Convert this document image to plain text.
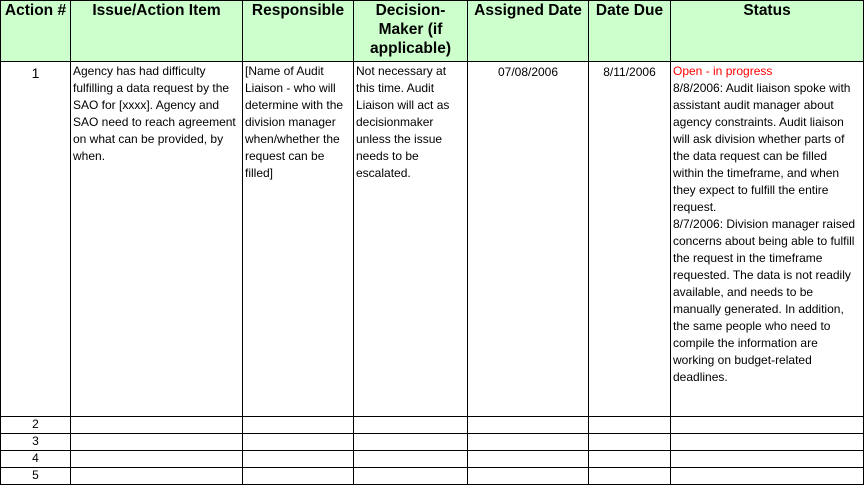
Action #	Issue/Action Item	Responsible	Decision-Maker (if applicable)	Assigned Date	Date Due	Status
1	Agency has had difficulty fulfilling a data request by the SAO for [xxxx]. Agency and SAO need to reach agreement on what can be provided, by when.	[Name of Audit Liaison - who will determine with the division manager when/whether the request can be filled]	Not necessary at this time. Audit Liaison will act as decisionmaker unless the issue needs to be escalated.	07/08/2006	8/11/2006	Open - in progress
8/8/2006: Audit liaison spoke with assistant audit manager about agency constraints. Audit liaison will ask division whether parts of the data request can be filled within the timeframe, and when they expect to fulfill the entire request.
8/7/2006: Division manager raised concerns about being able to fulfill the request in the timeframe requested. The data is not readily available, and needs to be manually generated. In addition, the same people who need to compile the information are working on budget-related deadlines.

2						
3						
4						
5						
